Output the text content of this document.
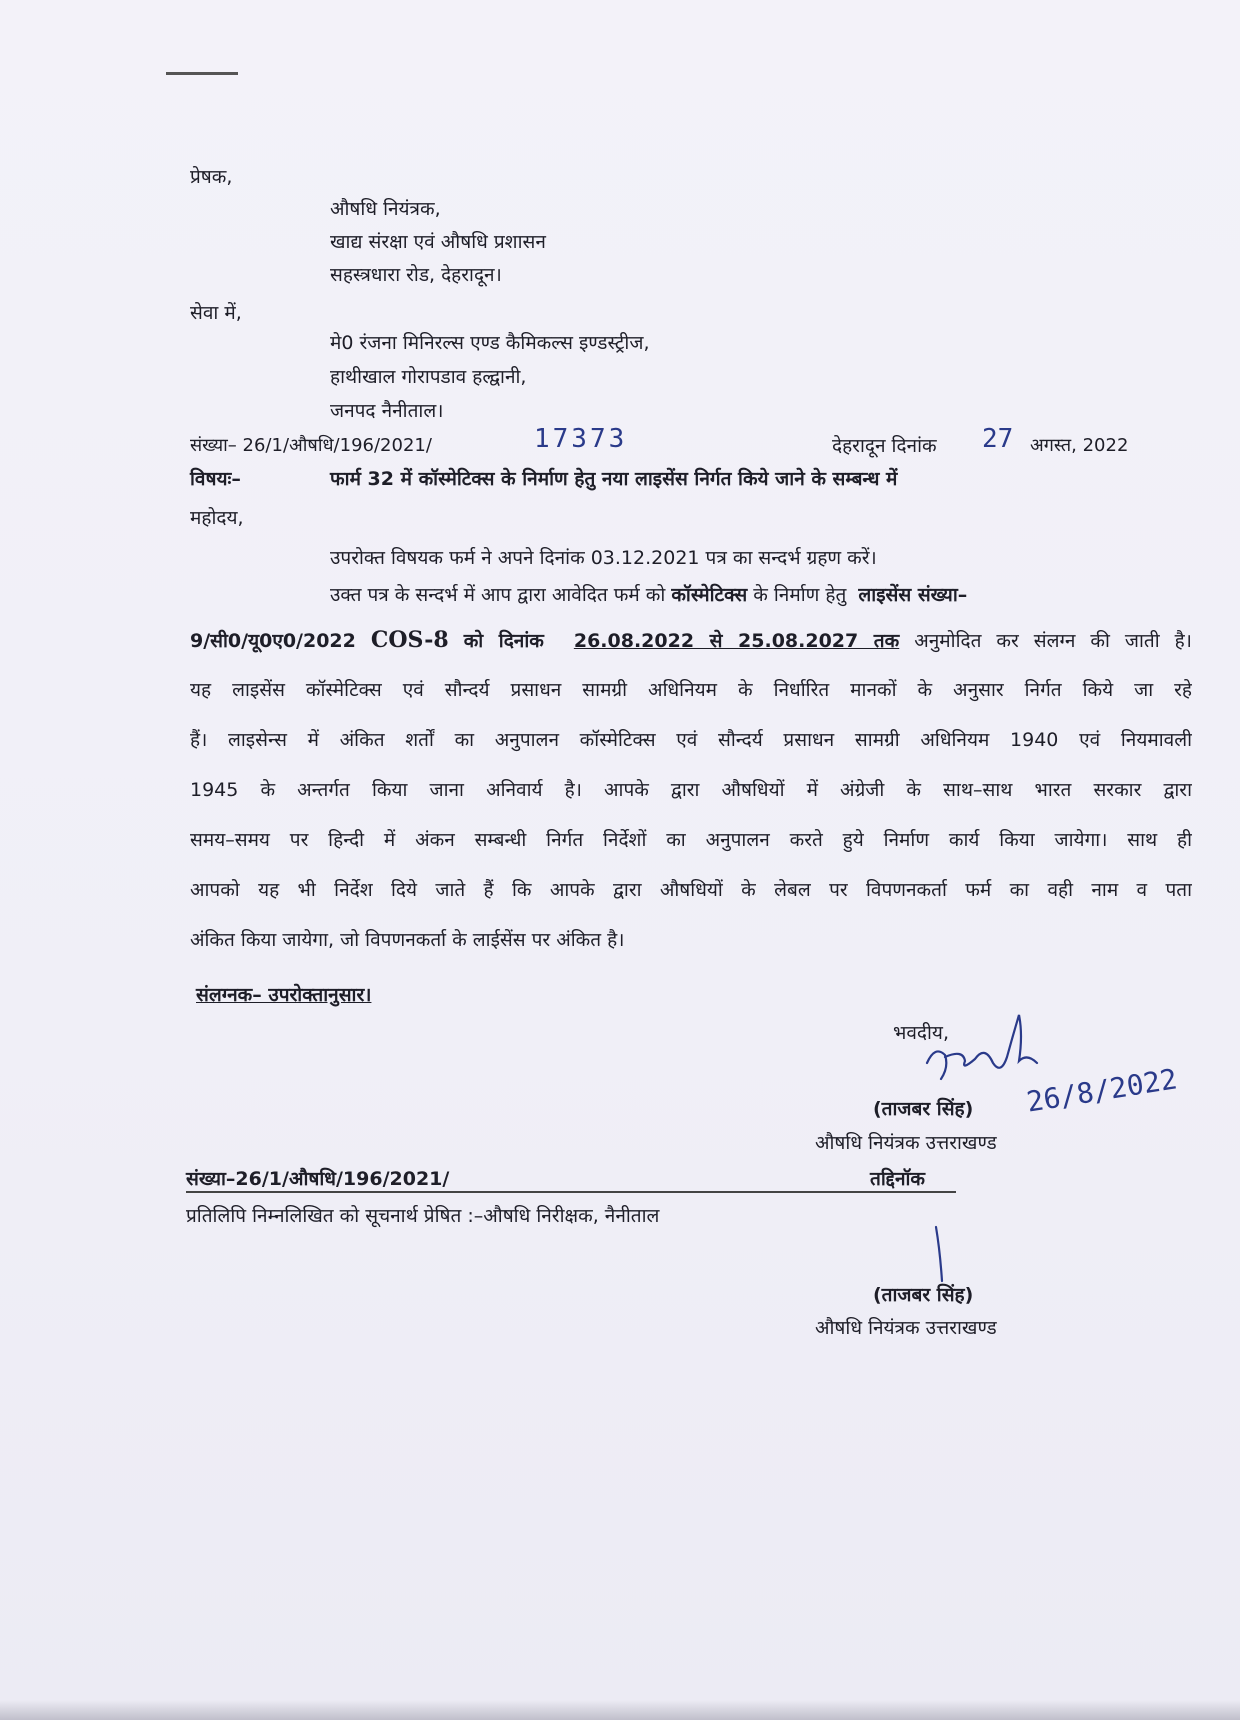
प्रेषक,
औषधि नियंत्रक,
खाद्य संरक्षा एवं औषधि प्रशासन
सहस्त्रधारा रोड, देहरादून।
सेवा में,
मे0 रंजना मिनिरल्स एण्ड कैमिकल्स इण्डस्ट्रीज,
हाथीखाल गोरापडाव हल्द्वानी,
जनपद नैनीताल।
संख्या– 26/1/औषधि/196/2021/	17373	देहरादून दिनांक 27 अगस्त, 2022
विषयः–	फार्म 32 में कॉस्मेटिक्स के निर्माण हेतु नया लाइसेंस निर्गत किये जाने के सम्बन्ध में
महोदय,
उपरोक्त विषयक फर्म ने अपने दिनांक 03.12.2021 पत्र का सन्दर्भ ग्रहण करें।
उक्त पत्र के सन्दर्भ में आप द्वारा आवेदित फर्म को कॉस्मेटिक्स के निर्माण हेतु लाइसेंस संख्या–
9/सी0/यू0ए0/2022 COS-8 को दिनांक 26.08.2022 से 25.08.2027 तक अनुमोदित कर संलग्न की जाती है।
यह लाइसेंस कॉस्मेटिक्स एवं सौन्दर्य प्रसाधन सामग्री अधिनियम के निर्धारित मानकों के अनुसार निर्गत किये जा रहे
हैं। लाइसेन्स में अंकित शर्तों का अनुपालन कॉस्मेटिक्स एवं सौन्दर्य प्रसाधन सामग्री अधिनियम 1940 एवं नियमावली
1945 के अन्तर्गत किया जाना अनिवार्य है। आपके द्वारा औषधियों में अंग्रेजी के साथ–साथ भारत सरकार द्वारा
समय–समय पर हिन्दी में अंकन सम्बन्धी निर्गत निर्देशों का अनुपालन करते हुये निर्माण कार्य किया जायेगा। साथ ही
आपको यह भी निर्देश दिये जाते हैं कि आपके द्वारा औषधियों के लेबल पर विपणनकर्ता फर्म का वही नाम व पता
अंकित किया जायेगा, जो विपणनकर्ता के लाईसेंस पर अंकित है।
संलग्नक– उपरोक्तानुसार।
भवदीय,
26/8/2022
(ताजबर सिंह)
औषधि नियंत्रक उत्तराखण्ड
संख्या–26/1/औषधि/196/2021/	तद्दिनॉक
प्रतिलिपि निम्नलिखित को सूचनार्थ प्रेषित :–औषधि निरीक्षक, नैनीताल
(ताजबर सिंह)
औषधि नियंत्रक उत्तराखण्ड
